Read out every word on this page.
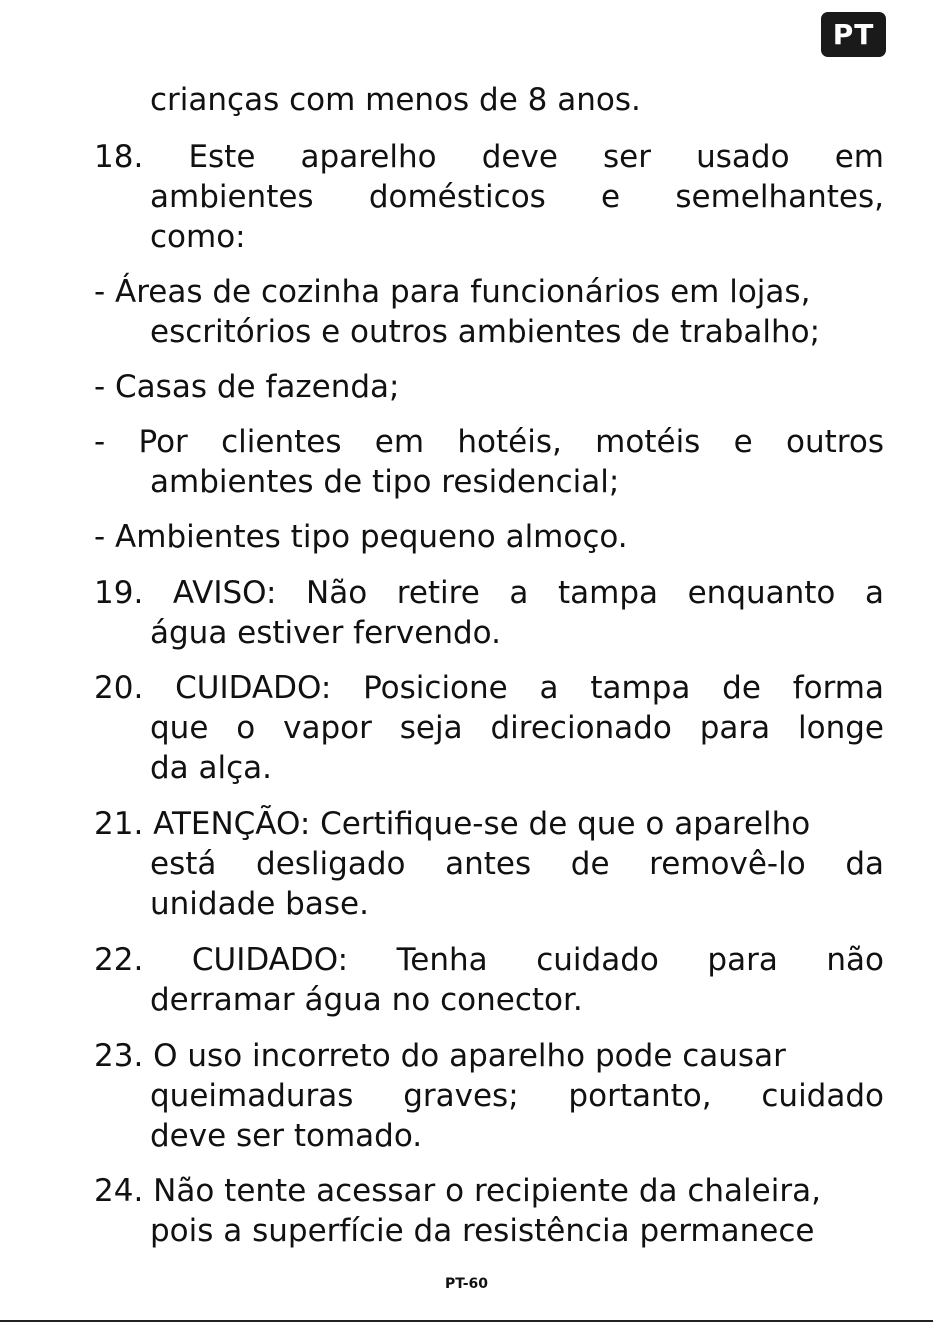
PT
crianças com menos de 8 anos.
18. Este aparelho deve ser usado em
ambientes domésticos e semelhantes,
como:
- Áreas de cozinha para funcionários em lojas,
escritórios e outros ambientes de trabalho;
- Casas de fazenda;
- Por clientes em hotéis, motéis e outros
ambientes de tipo residencial;
- Ambientes tipo pequeno almoço.
19. AVISO: Não retire a tampa enquanto a
água estiver fervendo.
20. CUIDADO: Posicione a tampa de forma
que o vapor seja direcionado para longe
da alça.
21. ATENÇÃO: Certifique-se de que o aparelho
está desligado antes de removê-lo da
unidade base.
22. CUIDADO: Tenha cuidado para não
derramar água no conector.
23. O uso incorreto do aparelho pode causar
queimaduras graves; portanto, cuidado
deve ser tomado.
24. Não tente acessar o recipiente da chaleira,
pois a superfície da resistência permanece
PT-60
